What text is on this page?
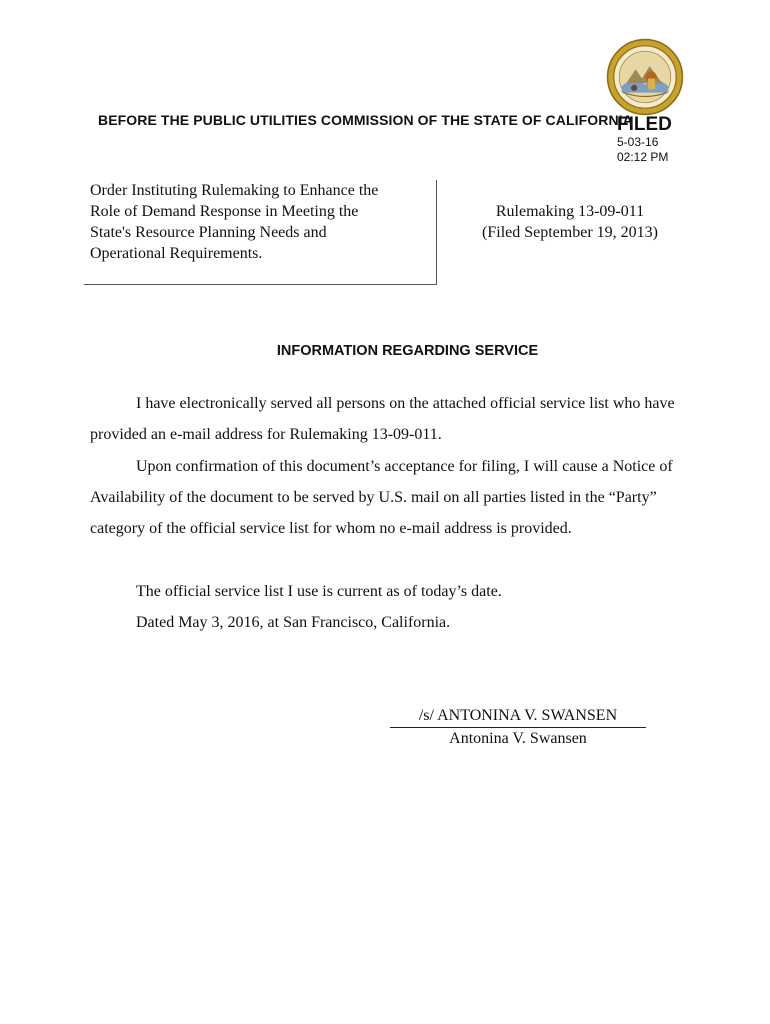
BEFORE THE PUBLIC UTILITIES COMMISSION OF THE STATE OF CALIFORNIA
FILED
5-03-16
02:12 PM
Order Instituting Rulemaking to Enhance the
Role of Demand Response in Meeting the
State's Resource Planning Needs and
Operational Requirements.
Rulemaking 13-09-011
(Filed September 19, 2013)
INFORMATION REGARDING SERVICE

I have electronically served all persons on the attached official service list who have provided an e-mail address for Rulemaking 13-09-011.

Upon confirmation of this document’s acceptance for filing, I will cause a Notice of Availability of the document to be served by U.S. mail on all parties listed in the “Party” category of the official service list for whom no e-mail address is provided.

The official service list I use is current as of today’s date.

Dated May 3, 2016, at San Francisco, California.

/s/ ANTONINA V. SWANSEN
Antonina V. Swansen
